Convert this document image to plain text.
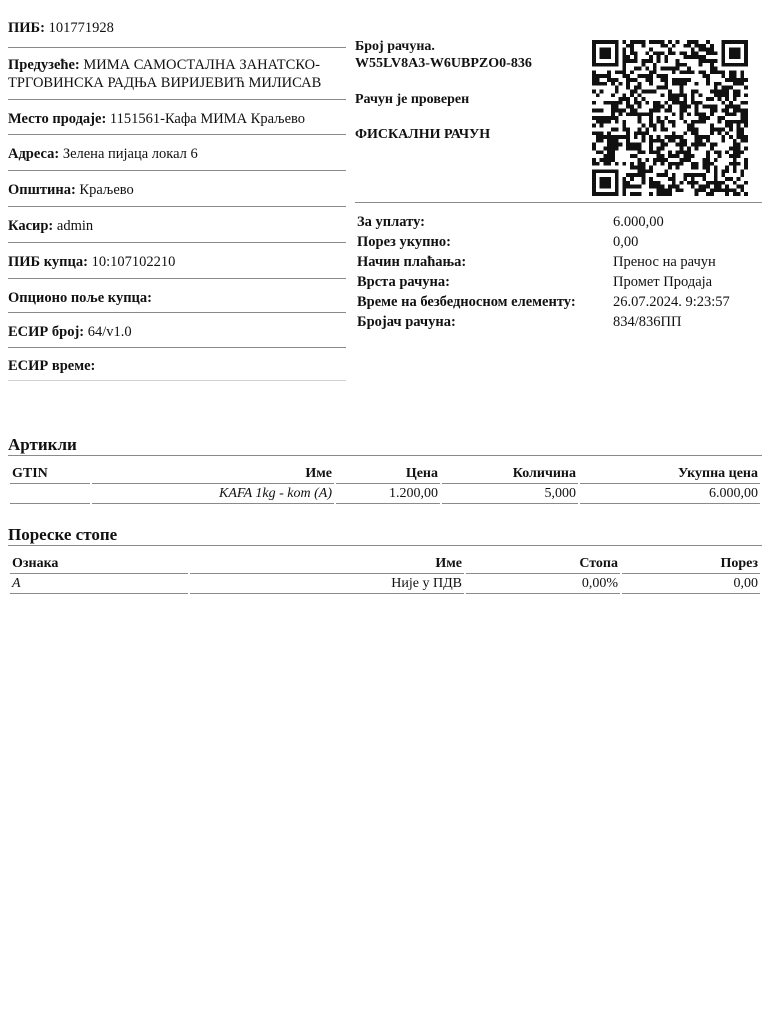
ПИБ: 101771928
Предузеће: МИМА САМОСТАЛНА ЗАНАТСКО-ТРГОВИНСКА РАДЊА ВИРИЈЕВИЋ МИЛИСАВ
Место продаје: 1151561-Кафа МИМА Краљево
Адреса: Зелена пијаца локал 6
Општина: Краљево
Касир: admin
ПИБ купца: 10:107102210
Опционо поље купца:
ЕСИР број: 64/v1.0
ЕСИР време:
Број рачуна.
W55LV8A3-W6UBPZO0-836
Рачун је проверен
ФИСКАЛНИ РАЧУН
За уплату:	6.000,00
Порез укупно:	0,00
Начин плаћања:	Пренос на рачун
Врста рачуна:	Промет Продаја
Време на безбедносном елементу:	26.07.2024. 9:23:57
Бројач рачуна:	834/836ПП
Артикли
GTIN	Име	Цена	Количина	Укупна цена
	KAFA 1kg - kom (A)	1.200,00	5,000	6.000,00
Пореске стопе
Ознака	Име	Стопа	Порез
A	Није у ПДВ	0,00%	0,00
